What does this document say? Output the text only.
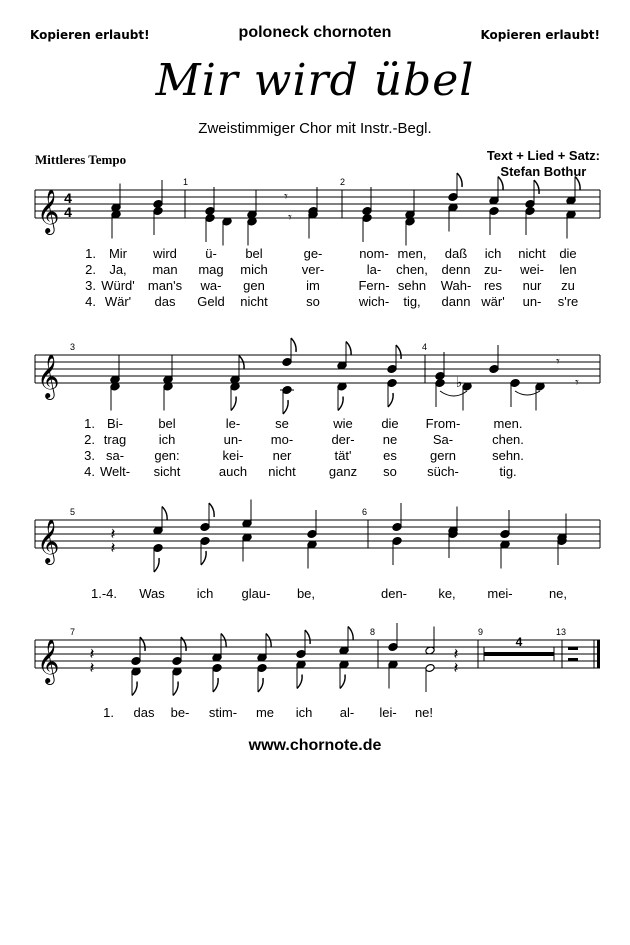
Kopieren erlaubt!	poloneck chornoten	Kopieren erlaubt!
Mir wird übel
Zweistimmiger Chor mit Instr.-Begl.
Mittleres Tempo	Text + Lied + Satz:
Stefan Bothur
𝄞
1	2
𝄞
3	4
𝄞
5	6
𝄞
7	8	9	13
4
4
4
𝄾
𝄾
𝄾
𝄾
♭
𝄽
𝄽
𝄽
𝄽
𝄽
𝄽
1. Mir wird ü- bel	ge-	nom- men, daß ich nicht die
2. Ja, man mag mich	ver-	la- chen, denn zu- wei- len
3. Würd' man's wa- gen	im	Fern- sehn Wah- res nur zu
4. Wär' das Geld nicht	so	wich- tig, dann wär' un- s're
1. Bi-	bel	le-	se	wie die From-	men.
2. trag ich	un- mo-	der- ne	Sa-	chen.
3. sa- gen:	kei- ner	tät' es	gern	sehn.
4. Welt- sicht	auch nicht	ganz so süch-	tig.
1.-4. Was ich glau- be,	den- ke, mei-	ne,
1. das be- stim- me ich al- lei- ne!
www.chornote.de
